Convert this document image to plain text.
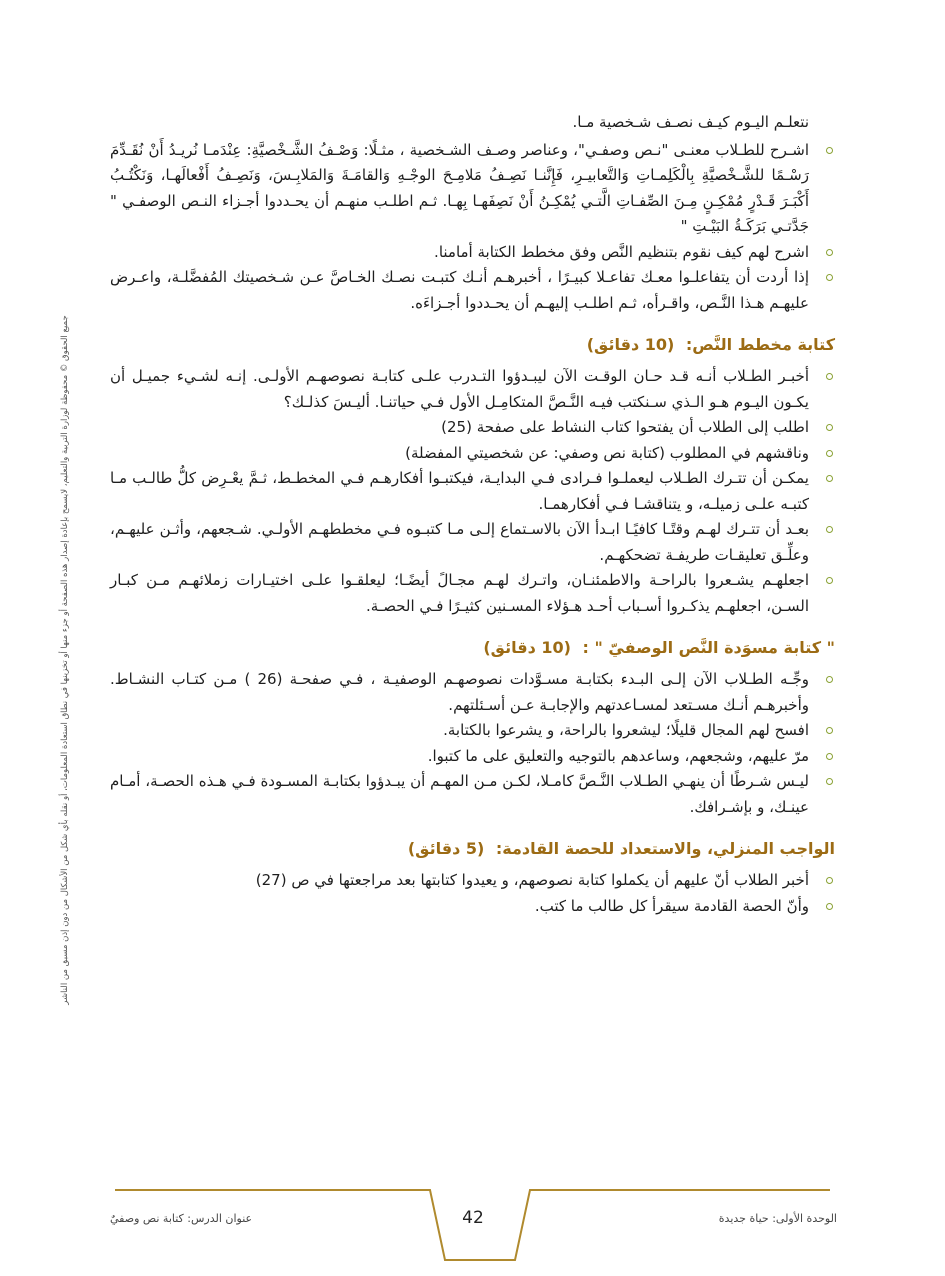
جميع الحقوق © محفوظة لوزارة التربية والتعليم، لايسمح بإعادة إصدار هذه الصفحة أو جزء منها أو تخزينها في نطاق استعادة المعلومات، أو نقله بأي شكل من الأشكال من دون إذن مسبق من الناشر

نتعلـم اليـوم كيـف نصـف شـخصية مـا.

اشـرح للطـلاب معنـى "نـص وصفـي"، وعناصر وصـف الشـخصية ، مثـلًا: وَصْـفُ الشَّـخْصيَّةِ: عِنْدَمـا نُريـدُ أَنْ نُقَـدِّمَ رَسْـمًا للشَّـخْصيَّةِ بِالْكَلِمـاتِ وَالتَّعابيـرِ، فَإِنَّنـا نَصِـفُ مَلامِـحَ الوجْـهِ وَالقامَـةَ وَالمَلابِـسَ، وَنَصِـفُ أَفْعالَهـا، وَنَكْتُـبُ أَكْبَـرَ قَـدْرٍ مُمْكِـنٍ مِـنَ الصِّفـاتِ الَّتـي يُمْكِـنُ أَنْ نَصِفَهـا بِهـا. ثـم اطلـب منهـم أن يحـددوا أجـزاء النـص الوصفـي " جَدَّتـي بَرَكَـةُ البَيْـتِ "
اشرح لهم كيف نقوم بتنظيم النَّص وفق مخطط الكتابة أمامنا.
إذا أردت أن يتفاعلـوا معـك تفاعـلا كبيـرًا ، أخبرهـم أنـك كتبـت نصـك الخـاصَّ عـن شـخصيتك المُفضَّلـة، واعـرض عليهـم هـذا النَّـص، واقـرأه، ثـم اطلـب إليهـم أن يحـددوا أجـزاءَه.
كتابة مخطط النَّص: (10 دقائق)
أخبـر الطـلاب أنـه قـد حـان الوقـت الآن ليبـدؤوا التـدرب علـى كتابـة نصوصهـم الأولـى. إنـه لشـيء جميـل أن يكـون اليـوم هـو الـذي سـنكتب فيـه النَّـصَّ المتكامِـل الأول فـي حياتنـا. أليـسَ كذلـك؟
اطلب إلى الطلاب أن يفتحوا كتاب النشاط على صفحة (25)
وناقشهم في المطلوب (كتابة نص وصفي: عن شخصيتي المفضلة)
يمكـن أن تتـرك الطـلاب ليعملـوا فـرادى فـي البدايـة، فيكتبـوا أفكارهـم فـي المخطـط، ثـمَّ يعْـرِض كلُّ طالـب مـا كتبـه علـى زميلـه، و يتناقشـا فـي أفكارهمـا.
بعـد أن تتـرك لهـم وقتًـا كافيًـا ابـدأ الآن بالاسـتماع إلـى مـا كتبـوه فـي مخططهـم الأولـي. شـجعهم، وأثـن عليهـم، وعلِّـق تعليقـات طريفـة تضحكهـم.
اجعلهـم يشـعروا بالراحـة والاطمئنـان، واتـرك لهـم مجـالً أيضًـا؛ ليعلقـوا علـى اختيـارات زملائهـم مـن كبـار السـن، اجعلهـم يذكـروا أسـباب أحـد هـؤلاء المسـنين كثيـرًا فـي الحصـة.
" كتابة مسوَدة النَّص الوصفيّ " : (10 دقائق)
وجِّـه الطـلاب الآن إلـى البـدء بكتابـة مسـوَّدات نصوصهـم الوصفيـة ، فـي صفحـة (26 ) مـن كتـاب النشـاط. وأخبرهـم أنـك مسـتعد لمسـاعدتهم والإجابـة عـن أسـئلتهم.
افسح لهم المجال قليلًا؛ ليشعروا بالراحة، و يشرعوا بالكتابة.
مرّ عليهم، وشجعهم، وساعدهم بالتوجيه والتعليق على ما كتبوا.
ليـس شـرطًا أن ينهـي الطـلاب النَّـصَّ كامـلا، لكـن مـن المهـم أن يبـدؤوا بكتابـة المسـودة فـي هـذه الحصـة، أمـام عينـك، و بإشـرافك.
الواجب المنزلي، والاستعداد للحصة القادمة: (5 دقائق)
أخبر الطلاب أنّ عليهم أن يكملوا كتابة نصوصهم، و يعيدوا كتابتها بعد مراجعتها في ص (27)
وأنّ الحصة القادمة سيقرأ كل طالب ما كتب.
الوحدة الأولى: حياة جديدة
42
عنوان الدرس: كتابة نص وصفيٌ
